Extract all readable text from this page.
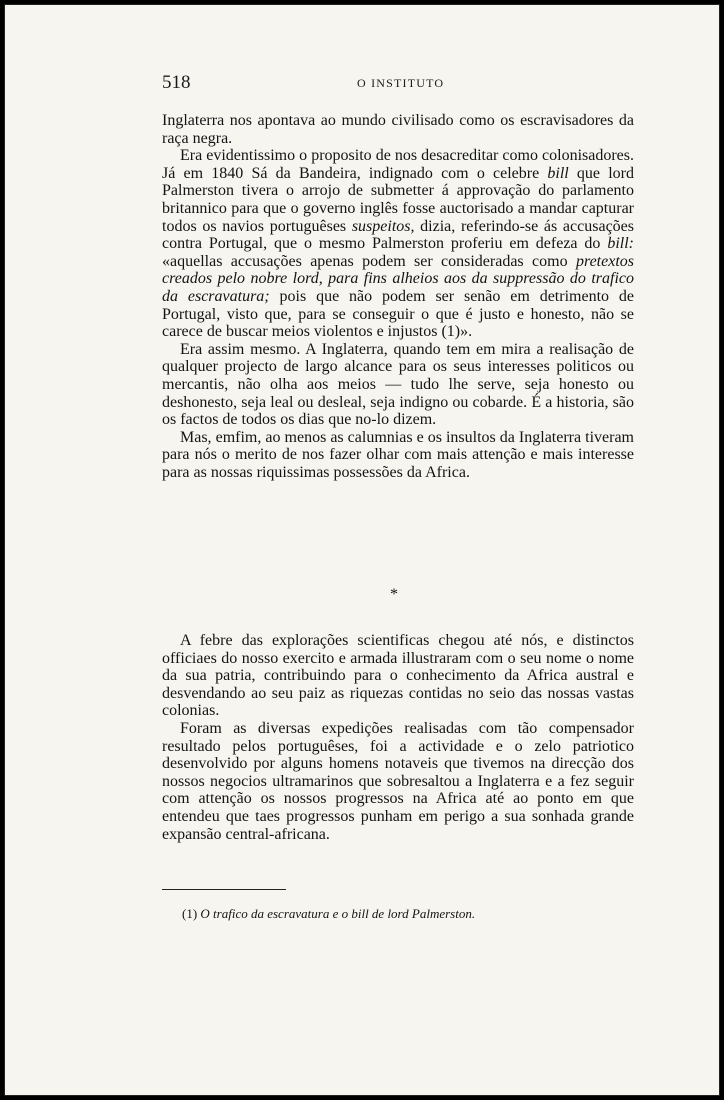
518	O INSTITUTO

Inglaterra nos apontava ao mundo civilisado como os escravisadores da raça negra.

Era evidentissimo o proposito de nos desacreditar como colonisadores. Já em 1840 Sá da Bandeira, indignado com o celebre bill que lord Palmerston tivera o arrojo de submetter á approvação do parlamento britannico para que o governo inglês fosse auctorisado a mandar capturar todos os navios portuguêses suspeitos, dizia, referindo-se ás accusações contra Portugal, que o mesmo Palmerston proferiu em defeza do bill: «aquellas accusações apenas podem ser consideradas como pretextos creados pelo nobre lord, para fins alheios aos da suppressão do trafico da escravatura; pois que não podem ser senão em detrimento de Portugal, visto que, para se conseguir o que é justo e honesto, não se carece de buscar meios violentos e injustos (1)».

Era assim mesmo. A Inglaterra, quando tem em mira a realisação de qualquer projecto de largo alcance para os seus interesses politicos ou mercantis, não olha aos meios — tudo lhe serve, seja honesto ou deshonesto, seja leal ou desleal, seja indigno ou cobarde. É a historia, são os factos de todos os dias que no-lo dizem.

Mas, emfim, ao menos as calumnias e os insultos da Inglaterra tiveram para nós o merito de nos fazer olhar com mais attenção e mais interesse para as nossas riquissimas possessões da Africa.

*

A febre das explorações scientificas chegou até nós, e distinctos officiaes do nosso exercito e armada illustraram com o seu nome o nome da sua patria, contribuindo para o conhecimento da Africa austral e desvendando ao seu paiz as riquezas contidas no seio das nossas vastas colonias.

Foram as diversas expedições realisadas com tão compensador resultado pelos portuguêses, foi a actividade e o zelo patriotico desenvolvido por alguns homens notaveis que tivemos na direcção dos nossos negocios ultramarinos que sobresaltou a Inglaterra e a fez seguir com attenção os nossos progressos na Africa até ao ponto em que entendeu que taes progressos punham em perigo a sua sonhada grande expansão central-africana.

(1) O trafico da escravatura e o bill de lord Palmerston.
